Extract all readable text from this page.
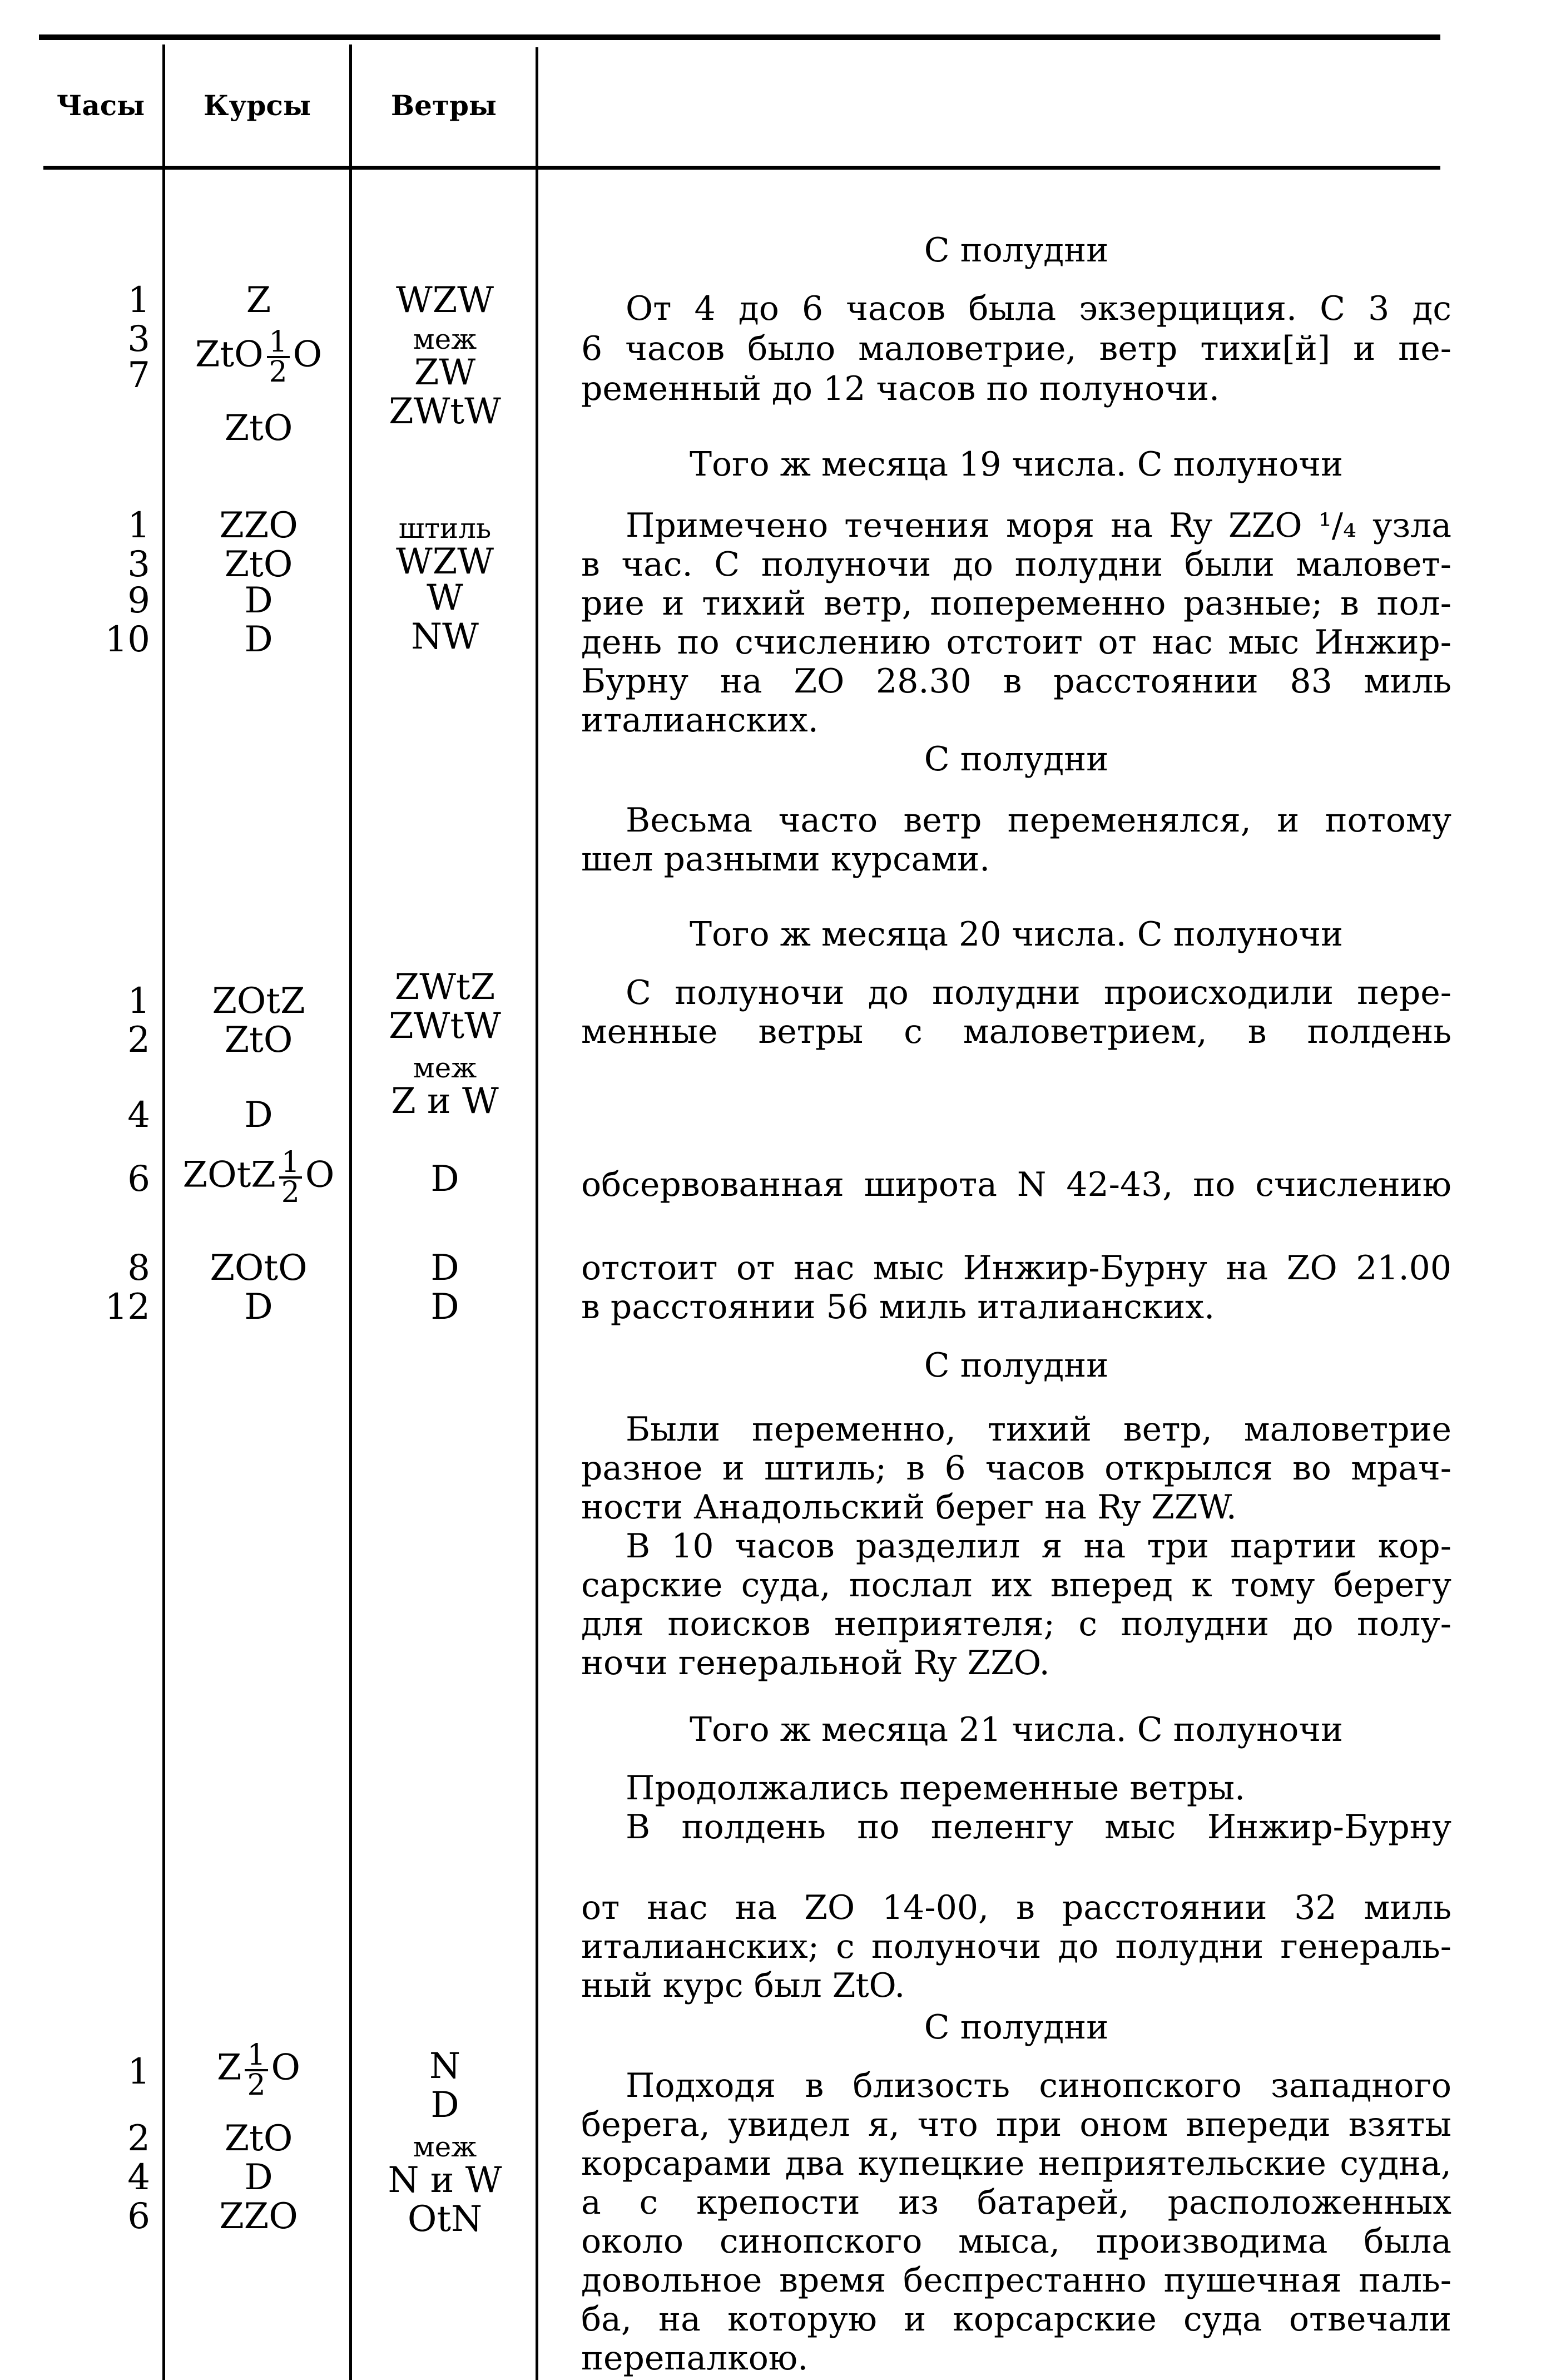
Часы	Курсы	Ветры
1
3
7
Z
ZtO $\frac{1}{2}$ O
ZtO
WZW
меж
ZW
ZWtW
1
3
9
10
ZZO
ZtO
D
D
штиль
WZW
W
NW
1
2
4
6
8
12
ZOtZ
ZtO
D
ZOtZ $\frac{1}{2}$ O
ZOtO
D
ZWtZ
ZWtW
меж
Z и W
D
D
D
1
2
4
6
Z $\frac{1}{2}$ O
ZtO
D
ZZO
N
D
меж
N и W
OtN
С полудни
От 4 до 6 часов была экзерциция. С 3 дс
6 часов было маловетрие, ветр тихи[й] и пе-
ременный до 12 часов по полуночи.
Того ж месяца 19 числа. С полуночи
Примечено течения моря на Ry ZZO ¹/₄ узла
в час. С полуночи до полудни были маловет-
рие и тихий ветр, попеременно разные; в пол-
день по счислению отстоит от нас мыс Инжир-
Бурну на ZO 28.30 в расстоянии 83 миль
италианских.
С полудни
Весьма часто ветр переменялся, и потому
шел разными курсами.
Того ж месяца 20 числа. С полуночи
С полуночи до полудни происходили пере-
менные ветры с маловетрием, в полдень
обсервованная широта N 42-43, по счислению
отстоит от нас мыс Инжир-Бурну на ZO 21.00
в расстоянии 56 миль италианских.
С полудни
Были переменно, тихий ветр, маловетрие
разное и штиль; в 6 часов открылся во мрач-
ности Анадольский берег на Ry ZZW.
В 10 часов разделил я на три партии кор-
сарские суда, послал их вперед к тому берегу
для поисков неприятеля; с полудни до полу-
ночи генеральной Ry ZZO.
Того ж месяца 21 числа. С полуночи
Продолжались переменные ветры.
В полдень по пеленгу мыс Инжир-Бурну
от нас на ZO 14-00, в расстоянии 32 миль
италианских; с полуночи до полудни генераль-
ный курс был ZtO.
С полудни
Подходя в близость синопского западного
берега, увидел я, что при оном впереди взяты
корсарами два купецкие неприятельские судна,
а с крепости из батарей, расположенных
около синопского мыса, производима была
довольное время беспрестанно пушечная паль-
ба, на которую и корсарские суда отвечали
перепалкою.
